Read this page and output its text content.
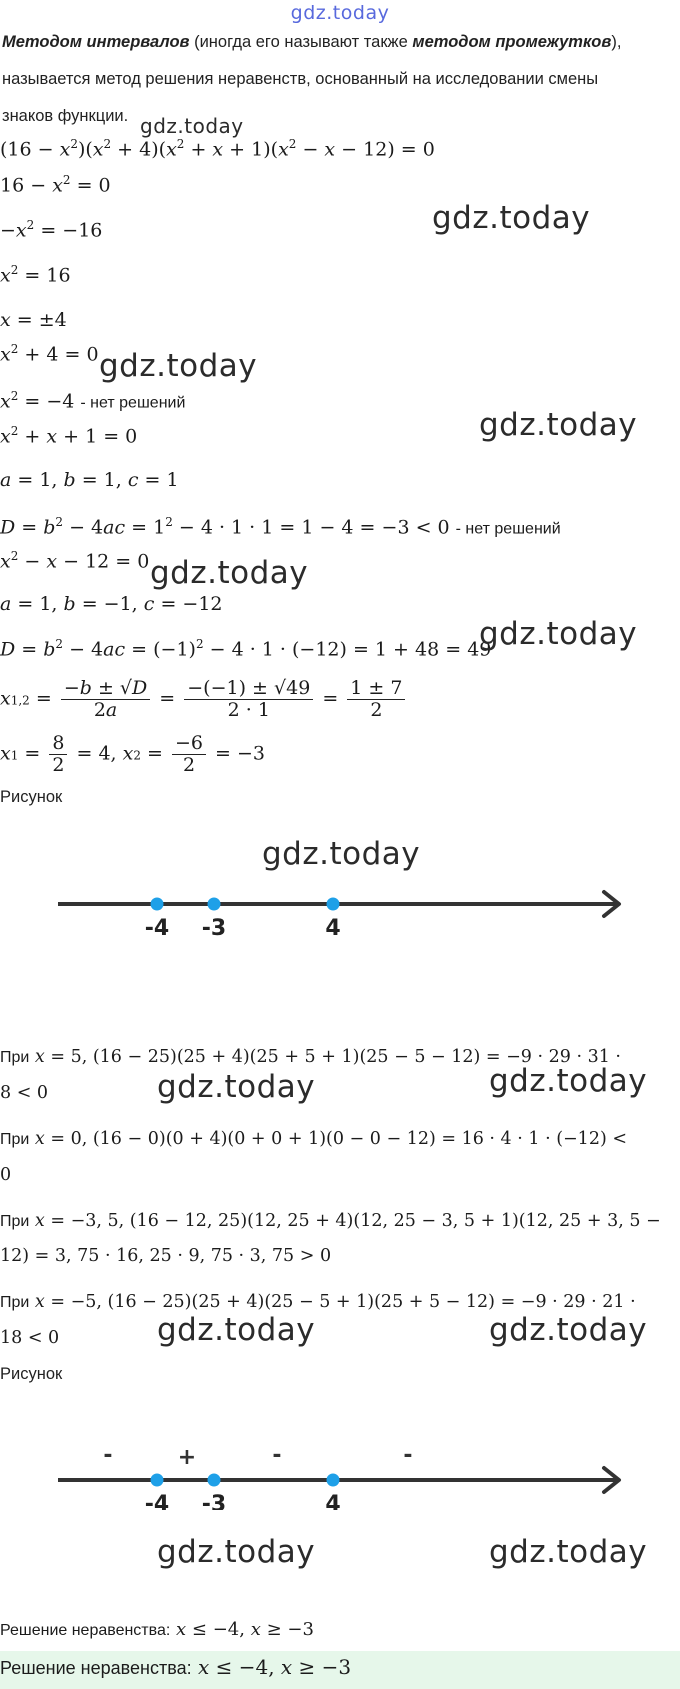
gdz.today
Методом интервалов (иногда его называют также методом промежутков),
называется метод решения неравенств, основанный на исследовании смены
знаков функции. gdz.today
$(16 - x^2)(x^2 + 4)(x^2 + x + 1)(x^2 - x - 12) = 0$
$16 - x^2 = 0$
$-x^2 = -16$	gdz.today
$x^2 = 16$
x = ±4
$x^2 + 4 = 0$ gdz.today
$x^2 = -4$ - нет решений
$x^2 + x + 1 = 0$	gdz.today
a = 1, b = 1, c = 1
$D = b^2 - 4ac = 1^2 - 4 \cdot 1 \cdot 1 = 1 - 4 = -3 < 0$ - нет решений
$x^2 - x - 12 = 0$ gdz.today
a = 1, b = −1, c = −12
$D = b^2 - 4ac = (-1)^2 - 4 \cdot 1 \cdot (-12) = 1 + 48 = 49$
gdz.today
$x1,2 = \frac{-b \pm √D}{2a} = \frac{-(-1) \pm √49}{2 \cdot 1} = \frac{1 \pm 7}{2}$
$x1 = \frac{8}{2} = 4$, $x2 = \frac{-6}{2} = -3$
Рисунок
gdz.today
-4 -3	4
При x = 5, (16 − 25)(25 + 4)(25 + 5 + 1)(25 − 5 − 12) = −9 · 29 · 31 ·
8 < 0	gdz.today	gdz.today
При x = 0, (16 − 0)(0 + 4)(0 + 0 + 1)(0 − 0 − 12) = 16 · 4 · 1 · (−12) <
0
При x = −3, 5, (16 − 12, 25)(12, 25 + 4)(12, 25 − 3, 5 + 1)(12, 25 + 3, 5 −
12) = 3, 75 · 16, 25 · 9, 75 · 3, 75 > 0
При x = −5, (16 − 25)(25 + 4)(25 − 5 + 1)(25 + 5 − 12) = −9 · 29 · 21 ·
18 < 0	gdz.today	gdz.today
Рисунок
-	+	-	-
-4 -3	4
gdz.today	gdz.today
Решение неравенства: x ≤ −4, x ≥ −3
Решение неравенства: x ≤ −4, x ≥ −3
